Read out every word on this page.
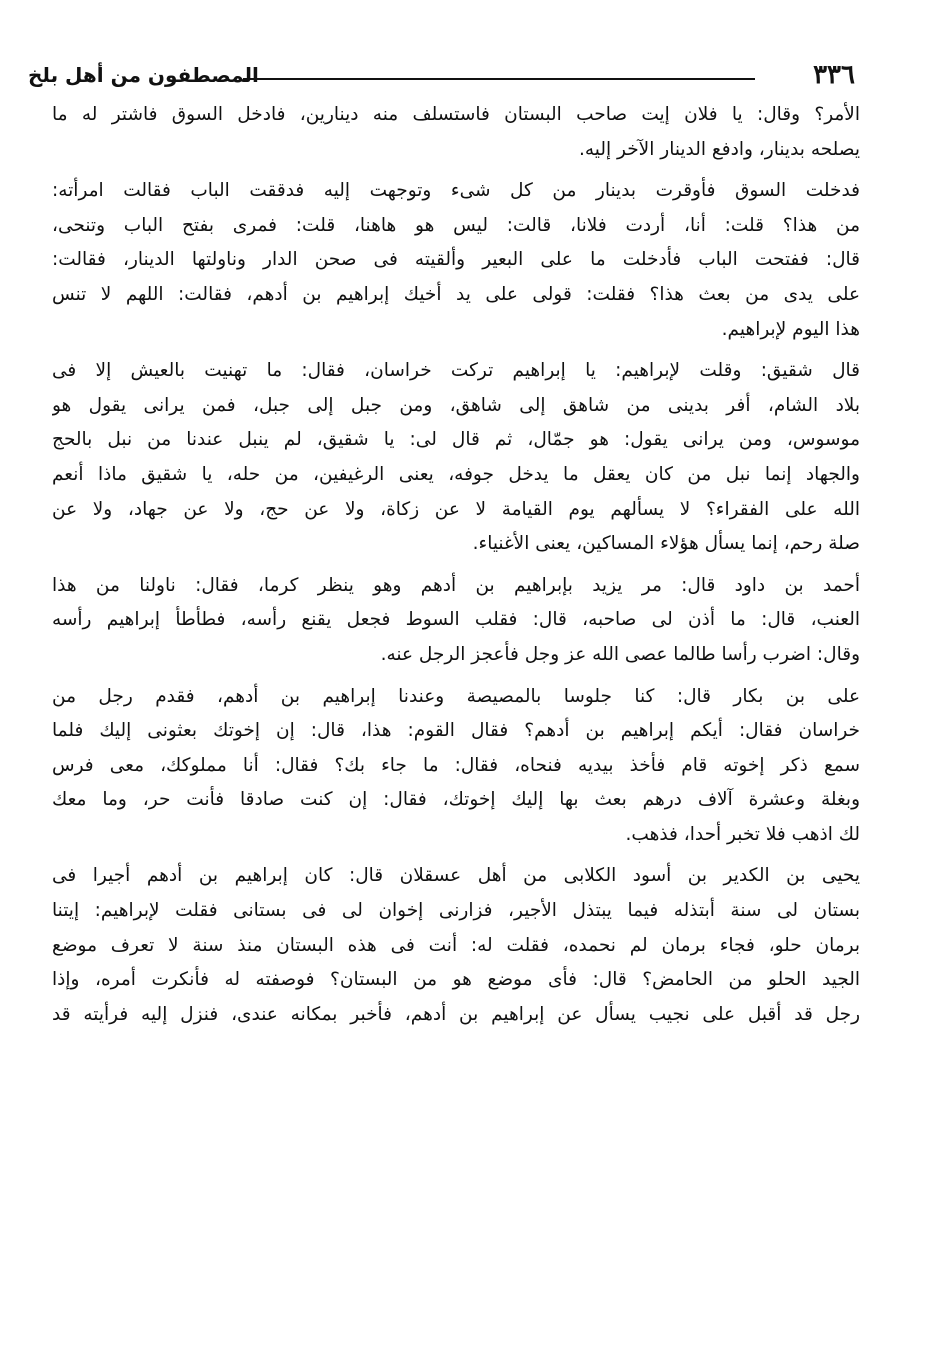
٣٣٦
المصطفون من أهل بلخ

الأمر؟ وقال: يا فلان إيت صاحب البستان فاستسلف منه دينارين، فادخل السوق فاشتر له ما
يصلحه بدينار، وادفع الدينار الآخر إليه.

فدخلت السوق فأوقرت بدينار من كل شىء وتوجهت إليه فدققت الباب فقالت امرأته:
من هذا؟ قلت: أنا، أردت فلانا، قالت: ليس هو هاهنا، قلت: فمرى بفتح الباب وتنحى،
قال: ففتحت الباب فأدخلت ما على البعير وألقيته فى صحن الدار وناولتها الدينار، فقالت:
على يدى من بعث هذا؟ فقلت: قولى على يد أخيك إبراهيم بن أدهم، فقالت: اللهم لا تنس
هذا اليوم لإبراهيم.

قال شقيق: وقلت لإبراهيم: يا إبراهيم تركت خراسان، فقال: ما تهنيت بالعيش إلا فى
بلاد الشام، أفر بدينى من شاهق إلى شاهق، ومن جبل إلى جبل، فمن يرانى يقول هو
موسوس، ومن يرانى يقول: هو جمّال، ثم قال لى: يا شقيق، لم ينبل عندنا من نبل بالحج
والجهاد إنما نبل من كان يعقل ما يدخل جوفه، يعنى الرغيفين، من حله، يا شقيق ماذا أنعم
الله على الفقراء؟ لا يسألهم يوم القيامة لا عن زكاة، ولا عن حج، ولا عن جهاد، ولا عن
صلة رحم، إنما يسأل هؤلاء المساكين، يعنى الأغنياء.

أحمد بن داود قال: مر يزيد بإبراهيم بن أدهم وهو ينظر كرما، فقال: ناولنا من هذا
العنب، قال: ما أذن لى صاحبه، قال: فقلب السوط فجعل يقنع رأسه، فطأطأ إبراهيم رأسه
وقال: اضرب رأسا طالما عصى الله عز وجل فأعجز الرجل عنه.

على بن بكار قال: كنا جلوسا بالمصيصة وعندنا إبراهيم بن أدهم، فقدم رجل من
خراسان فقال: أيكم إبراهيم بن أدهم؟ فقال القوم: هذا، قال: إن إخوتك بعثونى إليك فلما
سمع ذكر إخوته قام فأخذ بيديه فنحاه، فقال: ما جاء بك؟ فقال: أنا مملوكك، معى فرس
وبغلة وعشرة آلاف درهم بعث بها إليك إخوتك، فقال: إن كنت صادقا فأنت حر، وما معك
لك اذهب فلا تخبر أحدا، فذهب.

يحيى بن الكدير بن أسود الكلابى من أهل عسقلان قال: كان إبراهيم بن أدهم أجيرا فى
بستان لى سنة أبتذله فيما يبتذل الأجير، فزارنى إخوان لى فى بستانى فقلت لإبراهيم: إيتنا
برمان حلو، فجاء برمان لم نحمده، فقلت له: أنت فى هذه البستان منذ سنة لا تعرف موضع
الجيد الحلو من الحامض؟ قال: فأى موضع هو من البستان؟ فوصفته له فأنكرت أمره، وإذا
رجل قد أقبل على نجيب يسأل عن إبراهيم بن أدهم، فأخبر بمكانه عندى، فنزل إليه فرأيته قد
